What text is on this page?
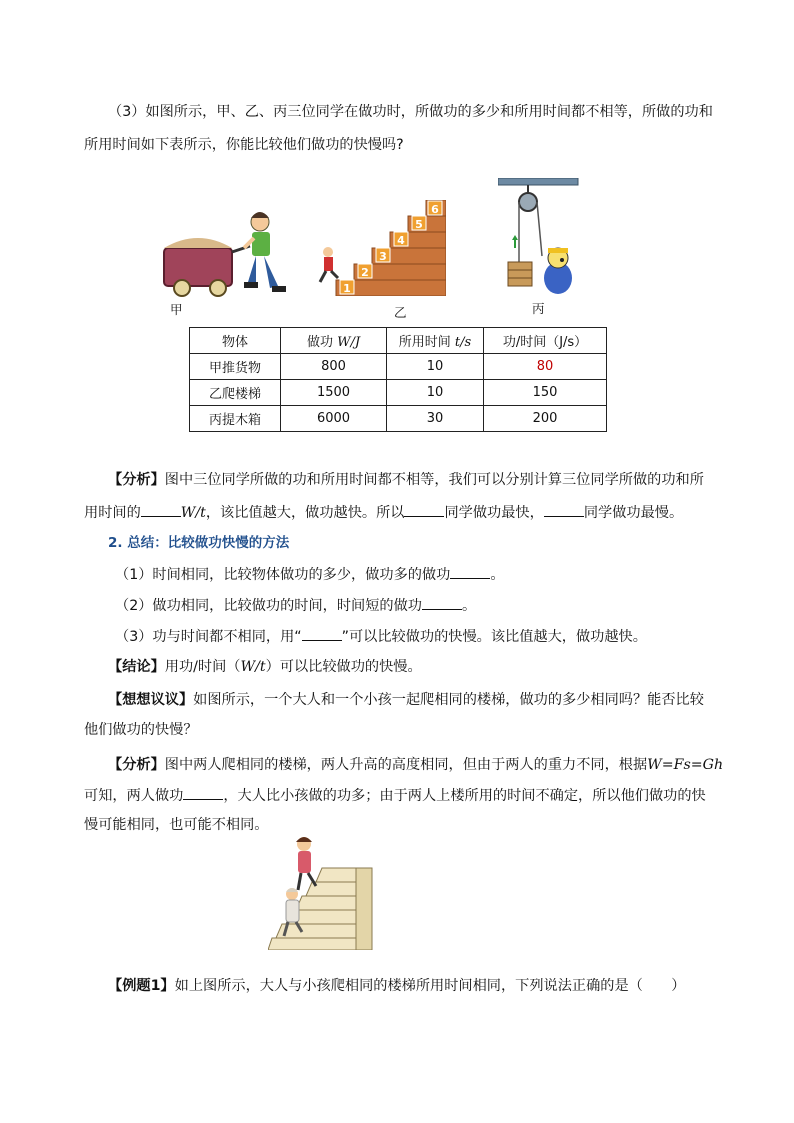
（3）如图所示，甲、乙、丙三位同学在做功时，所做功的多少和所用时间都不相等，所做的功和
所用时间如下表所示，你能比较他们做功的快慢吗?
甲
1
2
3
4
5
6
乙	丙
物体	做功 W/J	所用时间 t/s	功/时间（J/s）
甲推货物	800	10	80
乙爬楼梯	1500	10	150
丙提木箱	6000	30	200
【分析】图中三位同学所做的功和所用时间都不相等，我们可以分别计算三位同学所做的功和所
用时间的	W/t，该比值越大，做功越快。所以	同学做功最快，	同学做功最慢。
2. 总结：比较做功快慢的方法
（1）时间相同，比较物体做功的多少，做功多的做功	。
（2）做功相同，比较做功的时间，时间短的做功	。
（3）功与时间都不相同，用“	”可以比较做功的快慢。该比值越大，做功越快。
【结论】用功/时间（W/t）可以比较做功的快慢。
【想想议议】如图所示，一个大人和一个小孩一起爬相同的楼梯，做功的多少相同吗？能否比较
他们做功的快慢？
【分析】图中两人爬相同的楼梯，两人升高的高度相同，但由于两人的重力不同，根据W=Fs=Gh
可知，两人做功	，大人比小孩做的功多；由于两人上楼所用的时间不确定，所以他们做功的快
慢可能相同，也可能不相同。
【例题1】如上图所示，大人与小孩爬相同的楼梯所用时间相同，下列说法正确的是（　　）
